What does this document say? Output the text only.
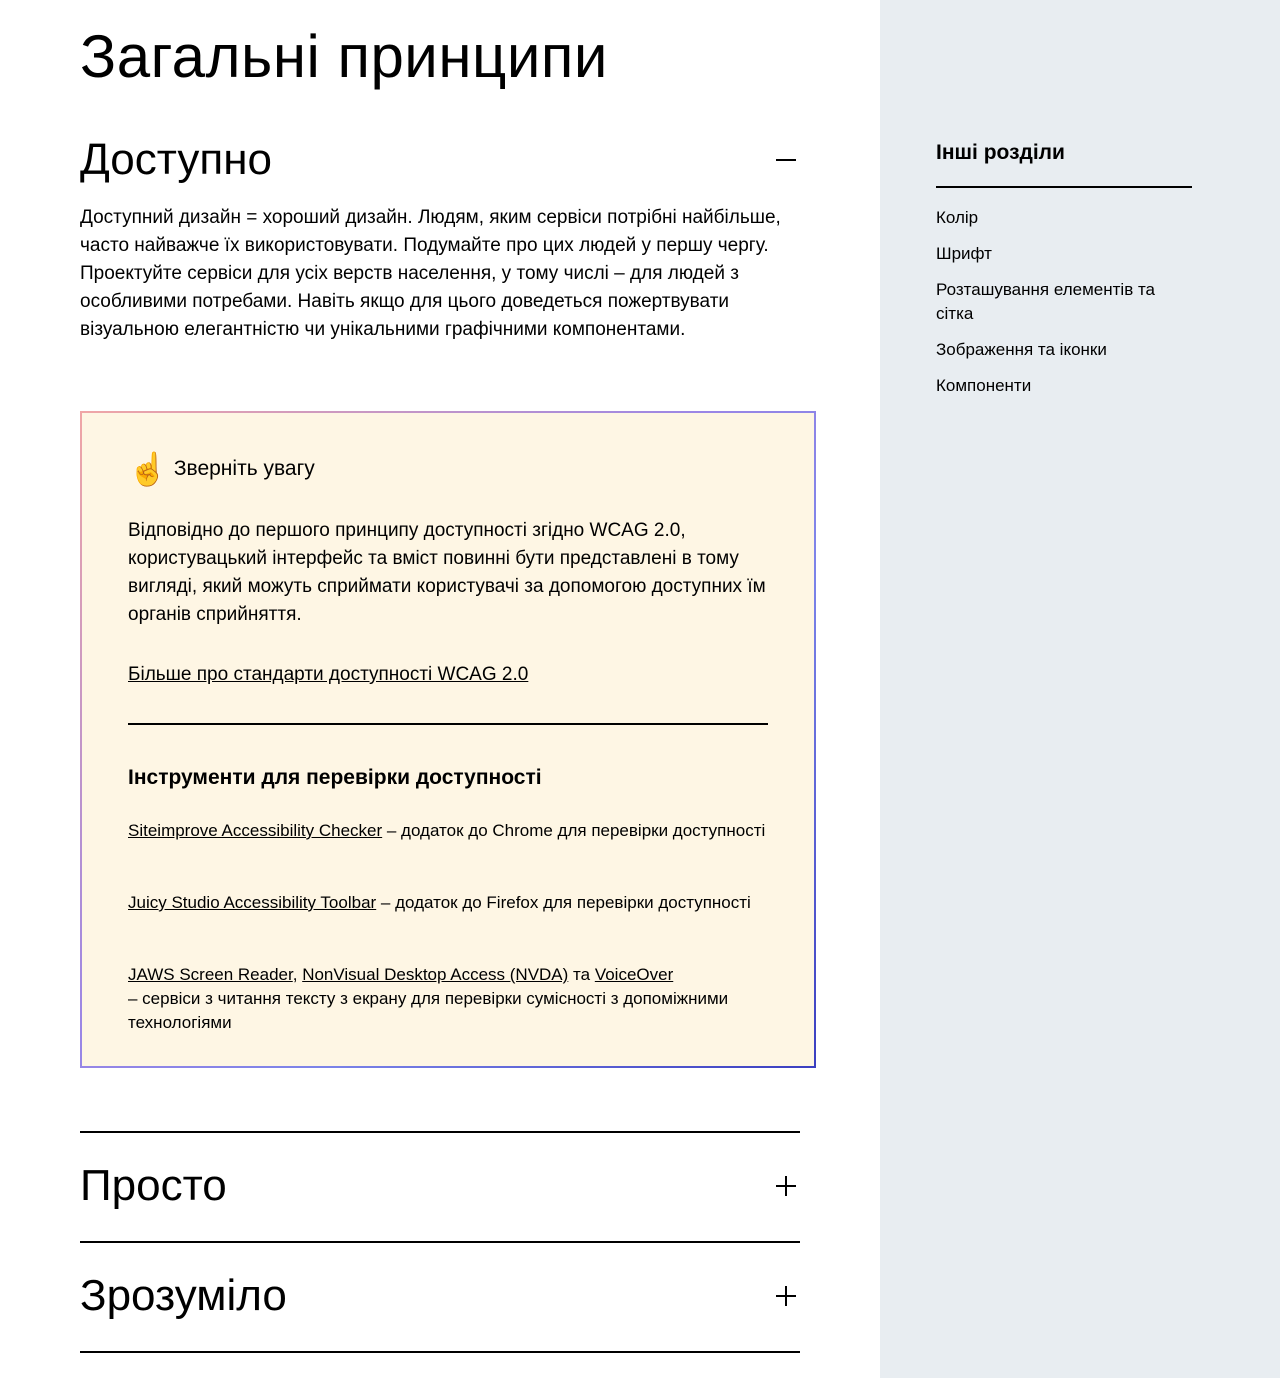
Загальні принципи
Доступно

Доступний дизайн = хороший дизайн. Людям, яким сервіси потрібні найбільше, часто найважче їх використовувати. Подумайте про цих людей у першу чергу. Проектуйте сервіси для усіх верств населення, у тому числі – для людей з особливими потребами. Навіть якщо для цього доведеться пожертвувати візуальною елегантністю чи унікальними графічними компонентами.

☝️ Зверніть увагу

Відповідно до першого принципу доступності згідно WCAG 2.0, користувацький інтерфейс та вміст повинні бути представлені в тому вигляді, який можуть сприймати користувачі за допомогою доступних їм органів сприйняття.

Більше про стандарти доступності WCAG 2.0
Інструменти для перевірки доступності

Siteimprove Accessibility Checker – додаток до Chrome для перевірки доступності

Juicy Studio Accessibility Toolbar – додаток до Firefox для перевірки доступності

JAWS Screen Reader, NonVisual Desktop Access (NVDA) та VoiceOver
– сервіси з читання тексту з екрану для перевірки сумісності з допоміжними технологіями

Просто
Зрозуміло
Інші розділи
Колір
Шрифт
Розташування елементів та сітка
Зображення та іконки
Компоненти
